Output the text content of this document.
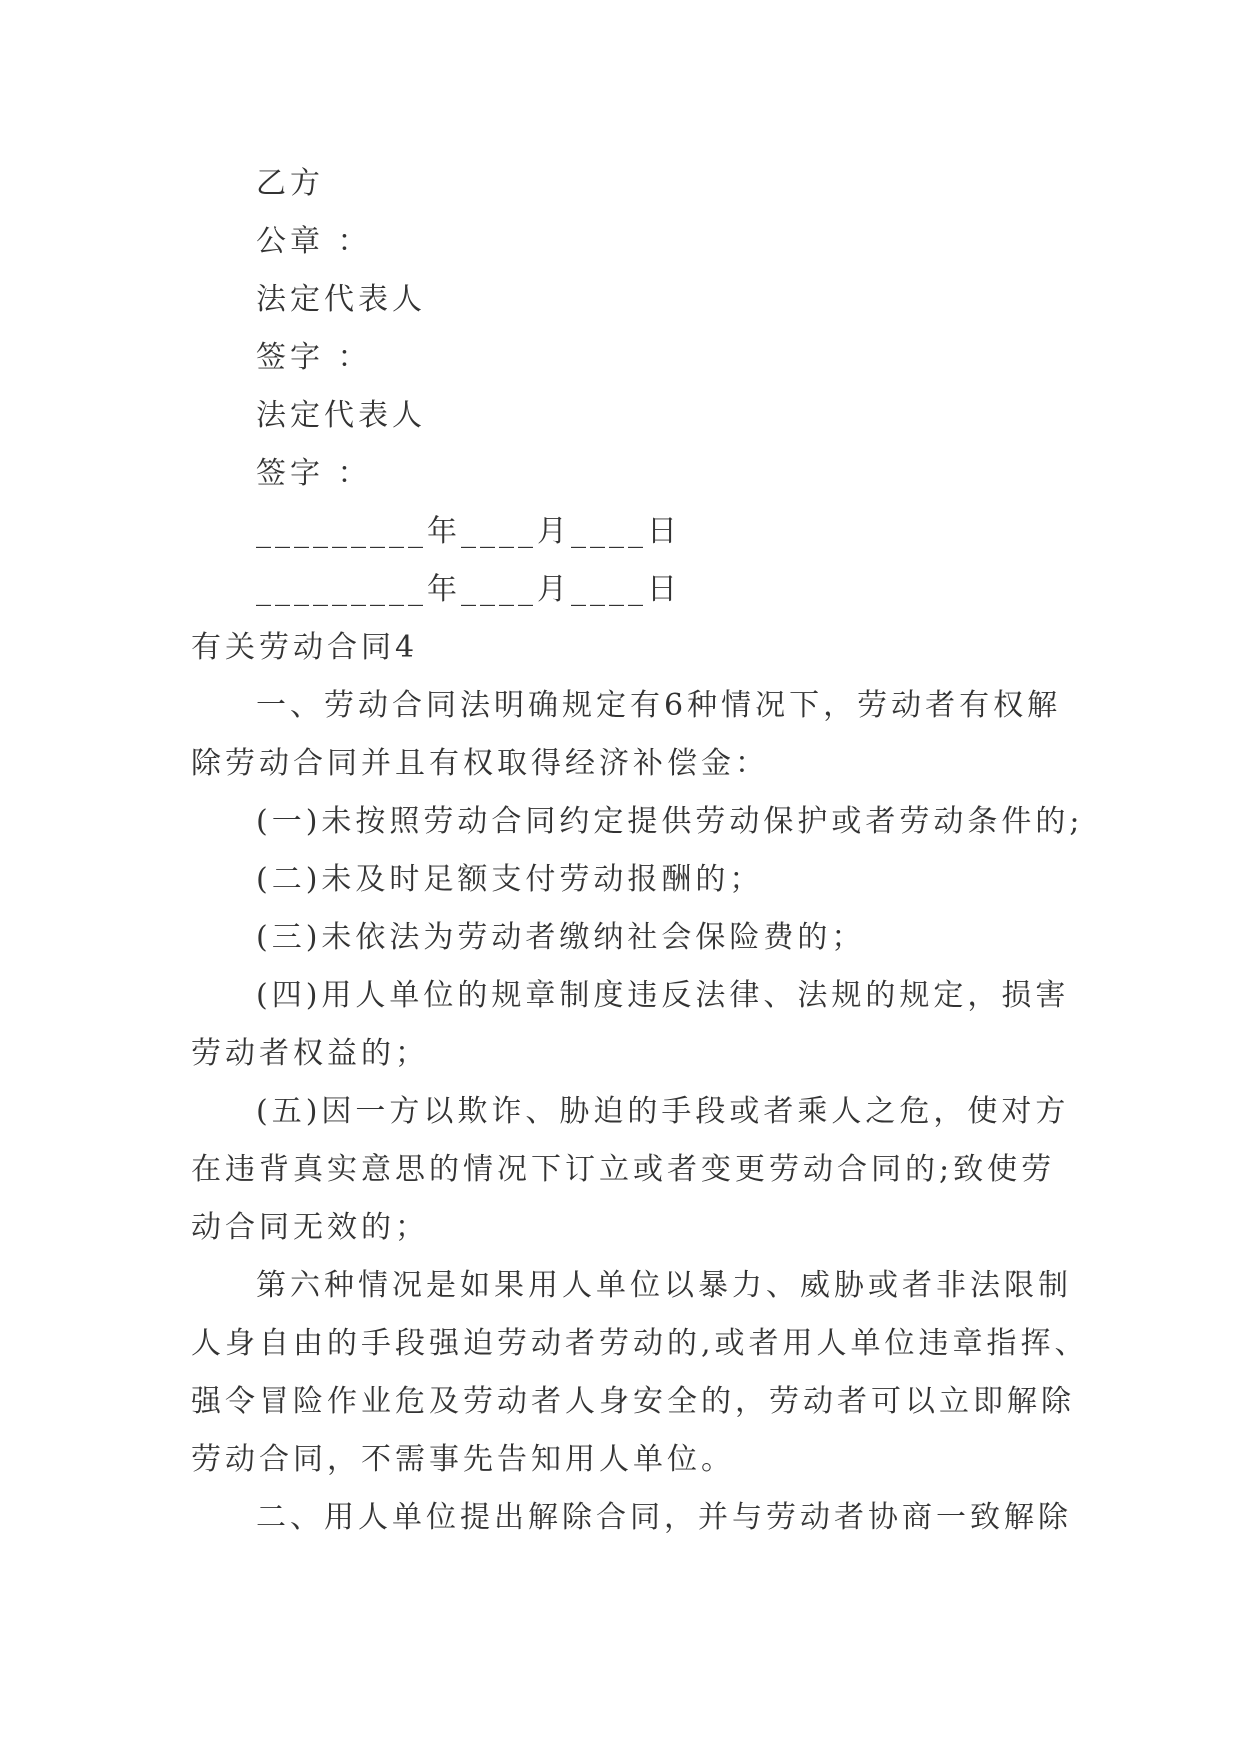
乙方
公章 ：
法定代表人
签字 ：
法定代表人
签字 ：
_________年____月____日
_________年____月____日
有关劳动合同4
一、劳动合同法明确规定有6种情况下，劳动者有权解
除劳动合同并且有权取得经济补偿金：
(一)未按照劳动合同约定提供劳动保护或者劳动条件的;
(二)未及时足额支付劳动报酬的；
(三)未依法为劳动者缴纳社会保险费的；
(四)用人单位的规章制度违反法律、法规的规定，损害
劳动者权益的；
(五)因一方以欺诈、胁迫的手段或者乘人之危，使对方
在违背真实意思的情况下订立或者变更劳动合同的;致使劳
动合同无效的；
第六种情况是如果用人单位以暴力、威胁或者非法限制
人身自由的手段强迫劳动者劳动的,或者用人单位违章指挥、
强令冒险作业危及劳动者人身安全的，劳动者可以立即解除
劳动合同，不需事先告知用人单位。
二、用人单位提出解除合同，并与劳动者协商一致解除
